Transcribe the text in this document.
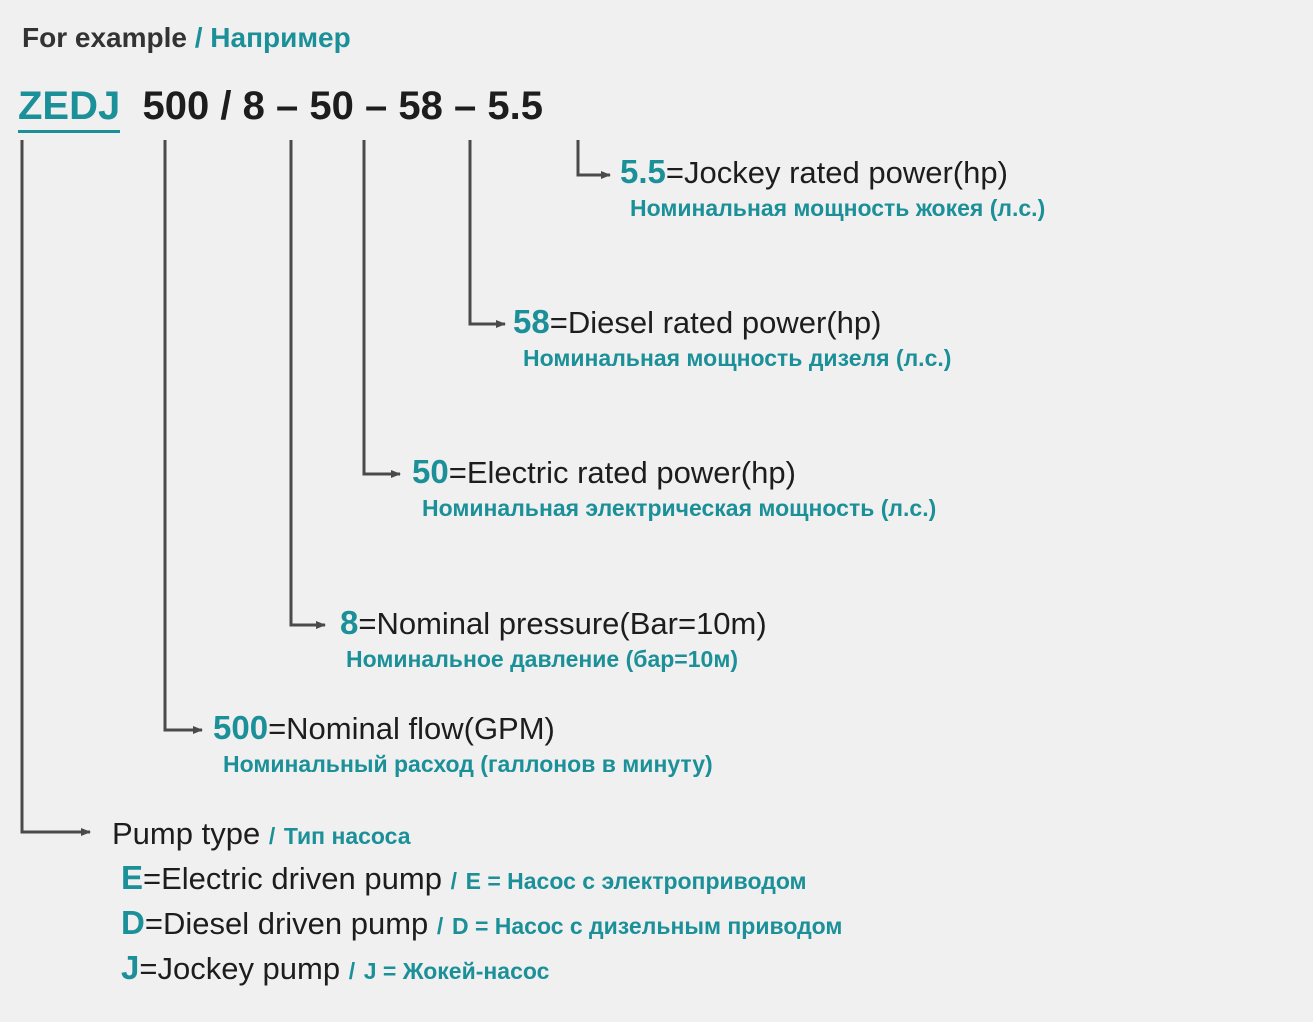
For example / Например
ZEDJ 500 / 8 – 50 – 58 – 5.5
5.5=Jockey rated power(hp)
Номинальная мощность жокея (л.с.)
58=Diesel rated power(hp)
Номинальная мощность дизеля (л.с.)
50=Electric rated power(hp)
Номинальная электрическая мощность (л.с.)
8=Nominal pressure(Bar=10m)
Номинальное давление (бар=10м)
500=Nominal flow(GPM)
Номинальный расход (галлонов в минуту)
Pump type / Тип насоса
E=Electric driven pump / E = Насос с электроприводом
D=Diesel driven pump / D = Насос с дизельным приводом
J=Jockey pump / J = Жокей-насос
